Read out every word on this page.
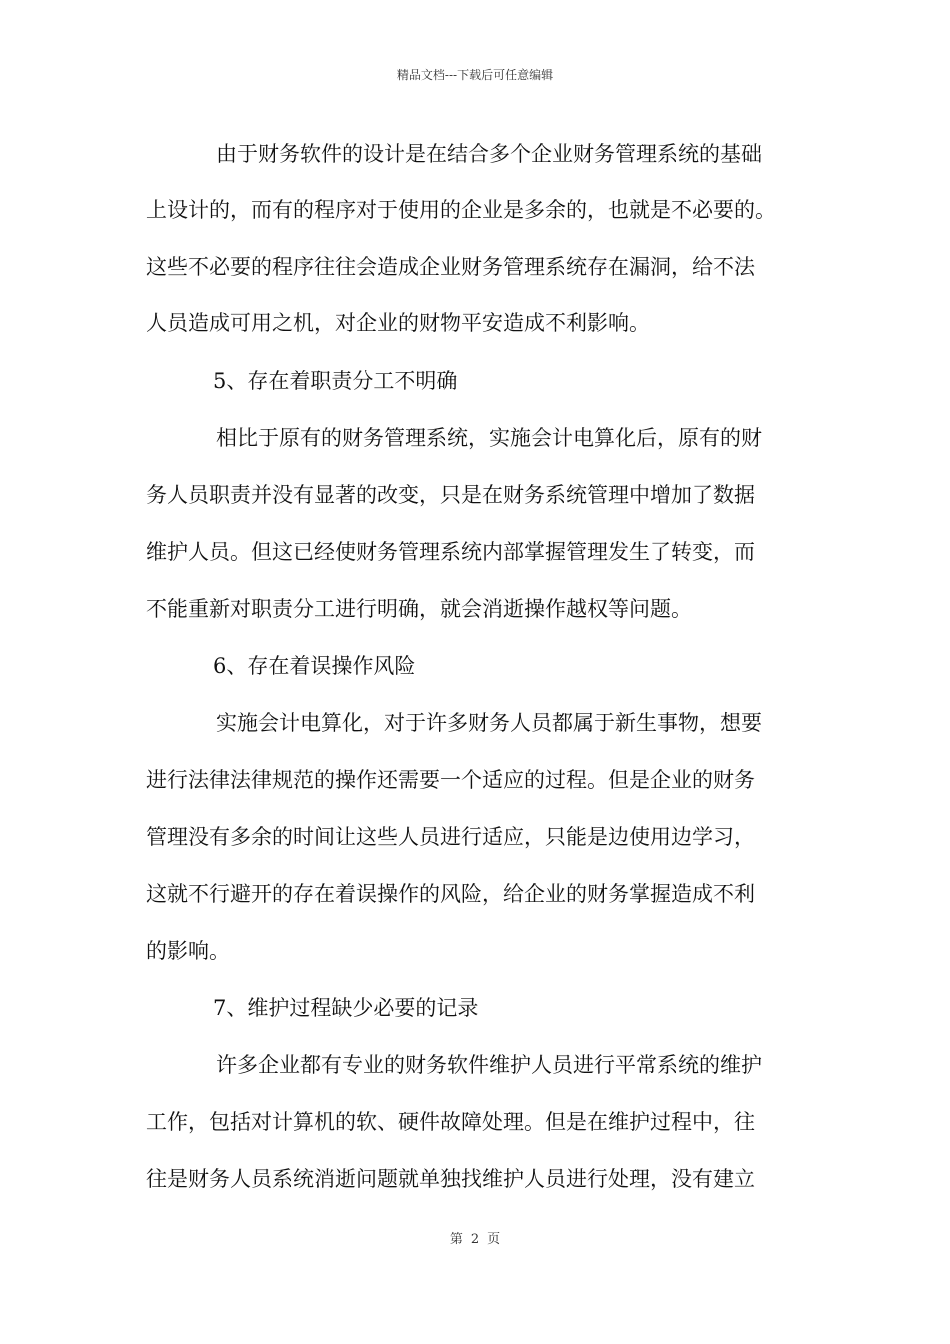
精品文档---下载后可任意编辑
由于财务软件的设计是在结合多个企业财务管理系统的基础
上设计的，而有的程序对于使用的企业是多余的，也就是不必要的。
这些不必要的程序往往会造成企业财务管理系统存在漏洞，给不法
人员造成可用之机，对企业的财物平安造成不利影响。
5、存在着职责分工不明确
相比于原有的财务管理系统，实施会计电算化后，原有的财
务人员职责并没有显著的改变，只是在财务系统管理中增加了数据
维护人员。但这已经使财务管理系统内部掌握管理发生了转变，而
不能重新对职责分工进行明确，就会消逝操作越权等问题。
6、存在着误操作风险
实施会计电算化，对于许多财务人员都属于新生事物，想要
进行法律法律规范的操作还需要一个适应的过程。但是企业的财务
管理没有多余的时间让这些人员进行适应，只能是边使用边学习，
这就不行避开的存在着误操作的风险，给企业的财务掌握造成不利
的影响。
7、维护过程缺少必要的记录
许多企业都有专业的财务软件维护人员进行平常系统的维护
工作，包括对计算机的软、硬件故障处理。但是在维护过程中，往
往是财务人员系统消逝问题就单独找维护人员进行处理，没有建立
第 2 页
